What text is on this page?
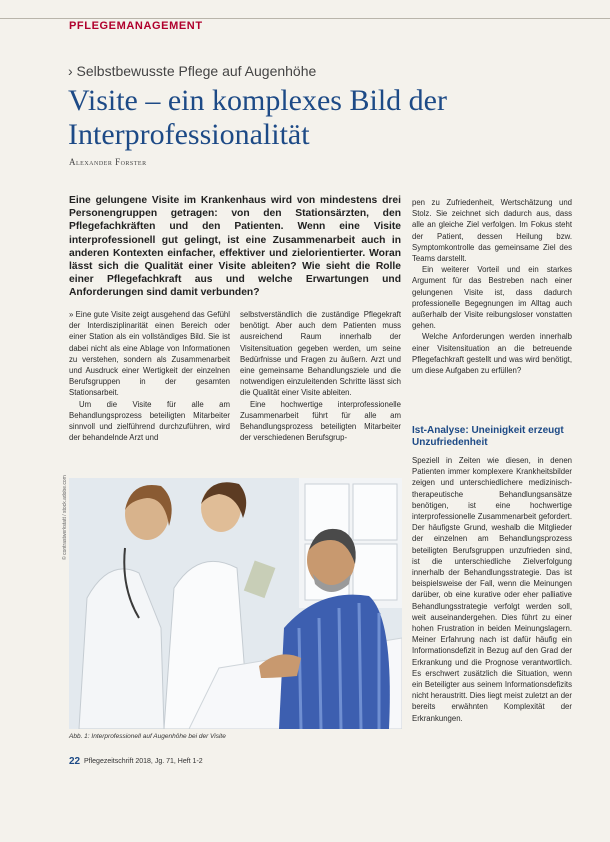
PFLEGEMANAGEMENT
› Selbstbewusste Pflege auf Augenhöhe
Visite – ein komplexes Bild der Interprofessionalität
Alexander Forster

Eine gelungene Visite im Krankenhaus wird von mindestens drei Personengruppen getragen: von den Stationsärzten, den Pflegefachkräften und den Patienten. Wenn eine Visite interprofessionell gut gelingt, ist eine Zusammenarbeit auch in anderen Kontexten einfacher, effektiver und zielorientierter. Woran lässt sich die Qualität einer Visite ableiten? Wie sieht die Rolle einer Pflegefachkraft aus und welche Erwartungen und Anforderungen sind damit verbunden?

» Eine gute Visite zeigt ausgehend das Gefühl der Interdisziplinarität einen Bereich oder einer Station als ein vollständiges Bild. Sie ist dabei nicht als eine Ablage von Informationen zu verstehen, sondern als Zusammenarbeit und Ausdruck einer Wertigkeit der einzelnen Berufsgruppen in der gesamten Stationsarbeit.

Um die Visite für alle am Behandlungsprozess beteiligten Mitarbeiter sinnvoll und zielführend durchzuführen, wird der behandelnde Arzt und

selbstverständlich die zuständige Pflegekraft benötigt. Aber auch dem Patienten muss ausreichend Raum innerhalb der Visitensituation gegeben werden, um seine Bedürfnisse und Fragen zu äußern. Arzt und eine gemeinsame Behandlungsziele und die notwendigen einzuleitenden Schritte lässt sich die Qualität einer Visite ableiten.

Eine hochwertige interprofessionelle Zusammenarbeit führt für alle am Behandlungsprozess beteiligten Mitarbeiter der verschiedenen Berufsgrup-

pen zu Zufriedenheit, Wertschätzung und Stolz. Sie zeichnet sich dadurch aus, dass alle an gleiche Ziel verfolgen. Im Fokus steht der Patient, dessen Heilung bzw. Symptomkontrolle das gemeinsame Ziel des Teams darstellt.

Ein weiterer Vorteil und ein starkes Argument für das Bestreben nach einer gelungenen Visite ist, dass dadurch professionelle Begegnungen im Alltag auch außerhalb der Visite reibungsloser vonstatten gehen.

Welche Anforderungen werden innerhalb einer Visitensituation an die betreuende Pflegefachkraft gestellt und was wird benötigt, um diese Aufgaben zu erfüllen?

Ist-Analyse: Uneinigkeit erzeugt Unzufriedenheit

Speziell in Zeiten wie diesen, in denen Patienten immer komplexere Krankheitsbilder zeigen und unterschiedlichere medizinisch-therapeutische Behandlungsansätze benötigen, ist eine hochwertige interprofessionelle Zusammenarbeit gefordert. Der häufigste Grund, weshalb die Mitglieder der einzelnen am Behandlungsprozess beteiligten Berufsgruppen unzufrieden sind, ist die unterschiedliche Zielverfolgung innerhalb der Behandlungsstrategie. Das ist beispielsweise der Fall, wenn die Meinungen darüber, ob eine kurative oder eher palliative Behandlungsstrategie verfolgt werden soll, weit auseinandergehen. Dies führt zu einer hohen Frustration in beiden Meinungslagern. Meiner Erfahrung nach ist dafür häufig ein Informationsdefizit in Bezug auf den Grad der Erkrankung und die Prognose verantwortlich. Es erschwert zusätzlich die Situation, wenn ein Beteiligter aus seinem Informationsdefizits nicht heraustritt. Dies liegt meist zuletzt an der bereits erwähnten Komplexität der Erkrankungen.

© contrastwerkstatt / stock.adobe.com
Abb. 1: Interprofessionell auf Augenhöhe bei der Visite
22 Pflegezeitschrift 2018, Jg. 71, Heft 1-2
